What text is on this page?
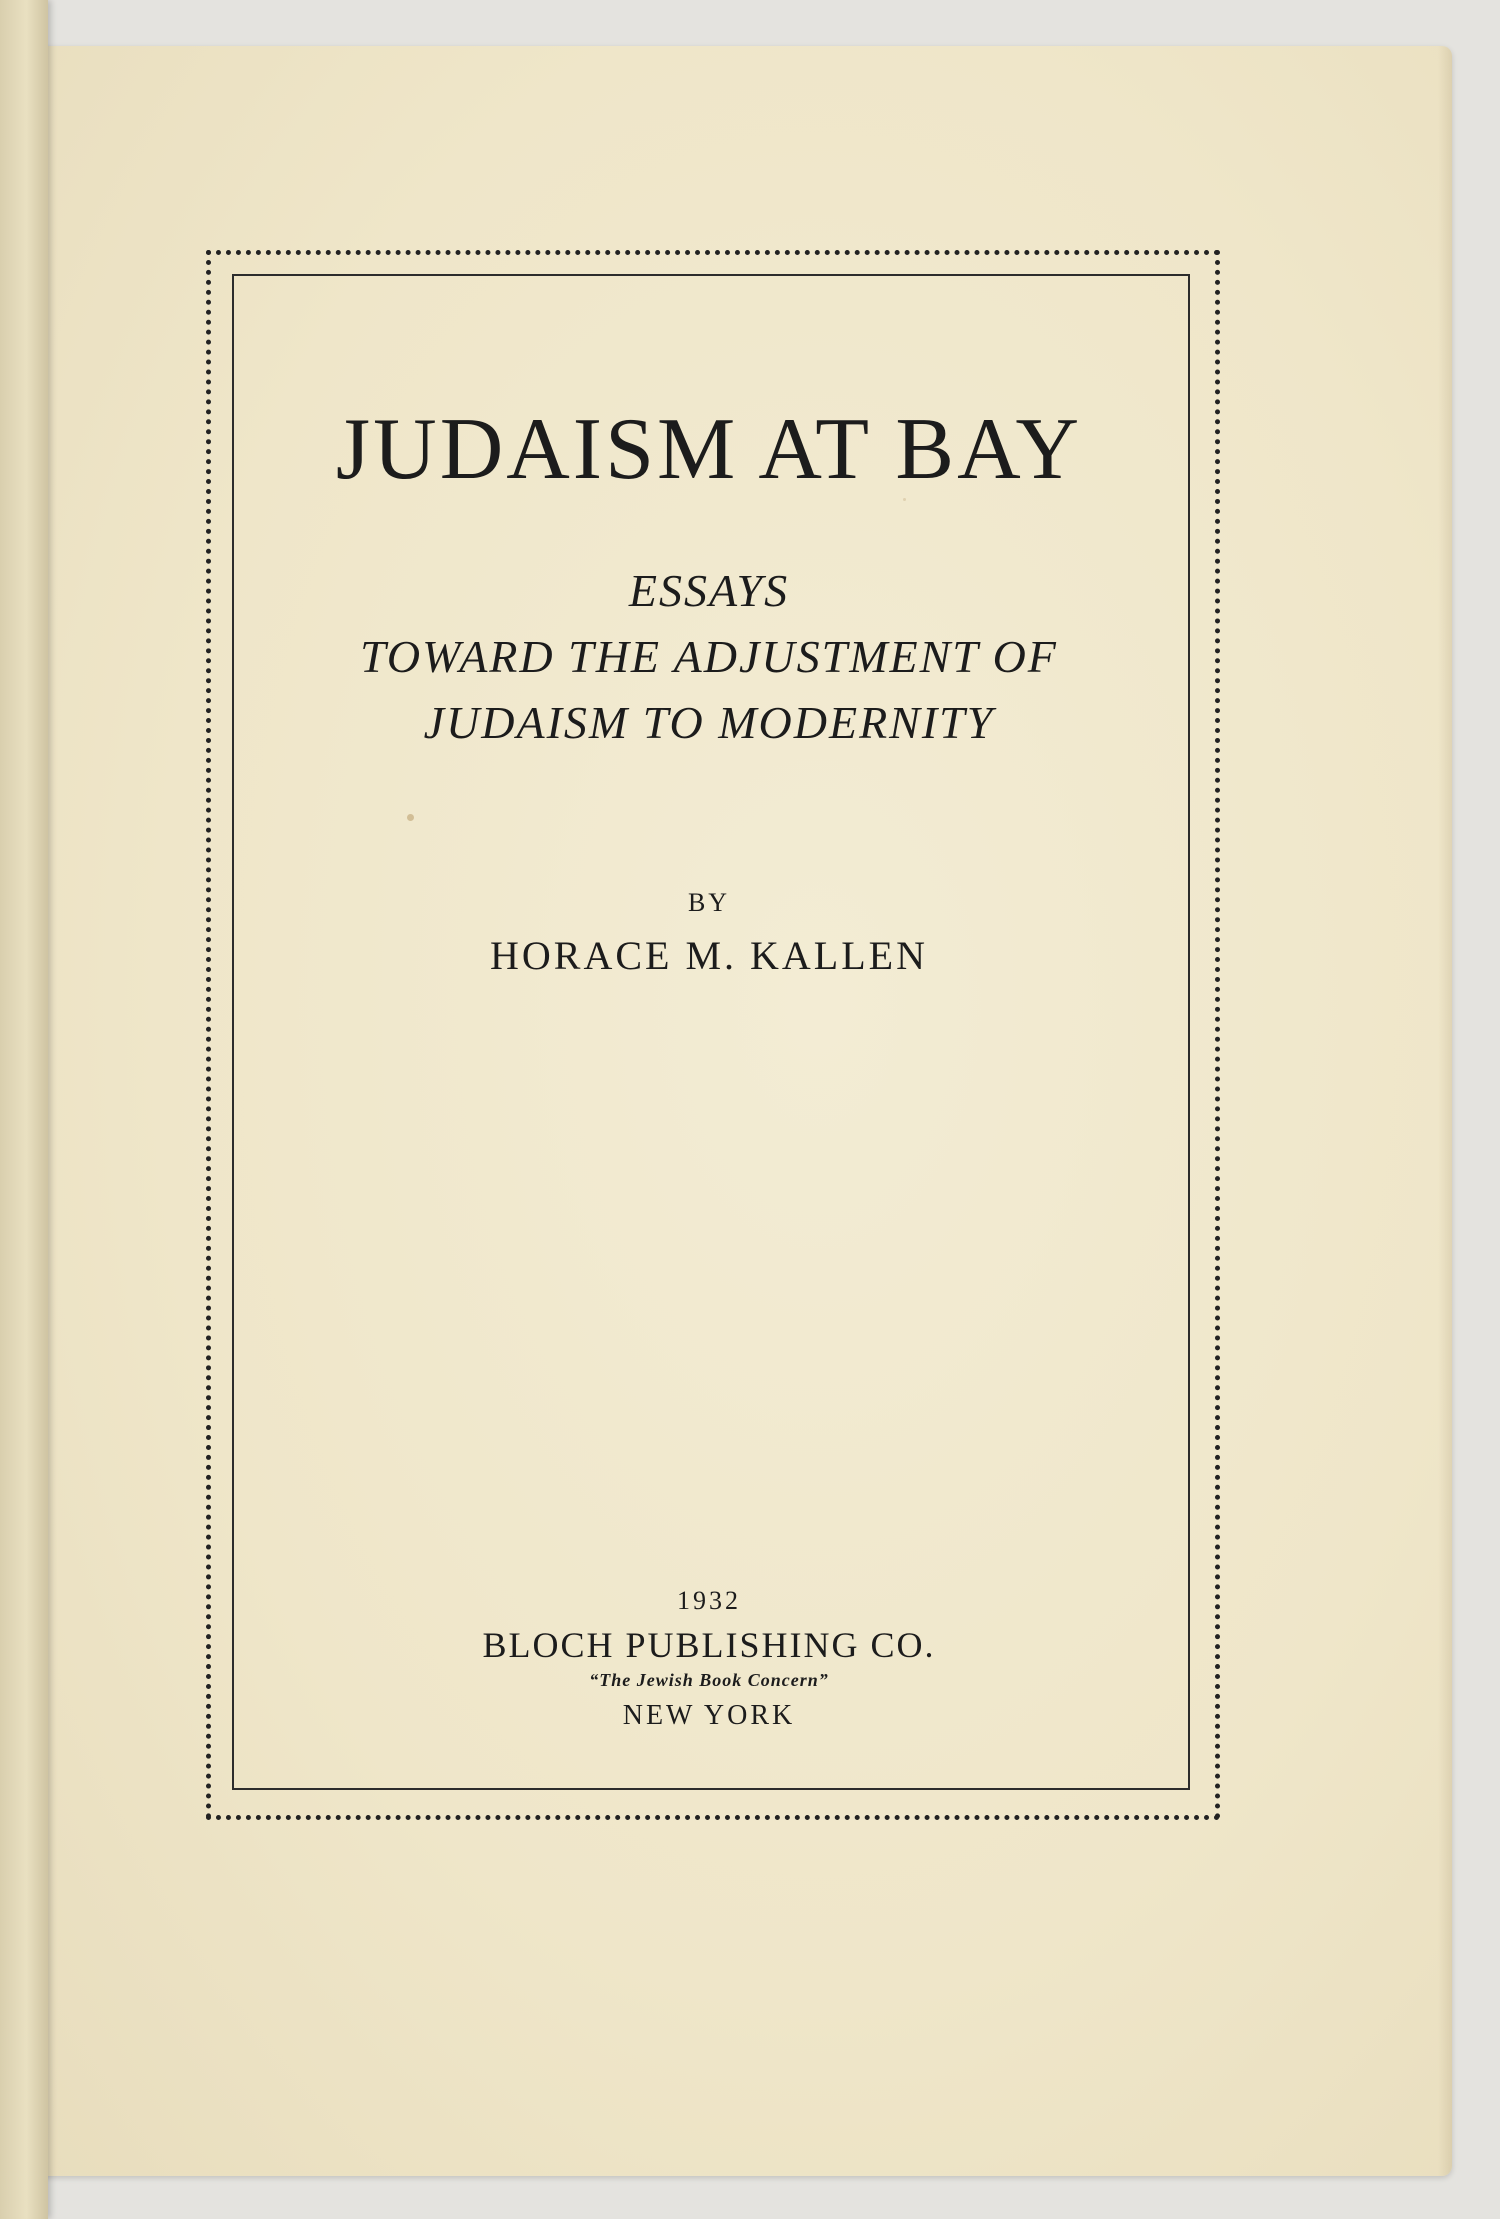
JUDAISM AT BAY
ESSAYS
TOWARD THE ADJUSTMENT OF
JUDAISM TO MODERNITY
BY
HORACE M. KALLEN
1932
BLOCH PUBLISHING CO.
“The Jewish Book Concern”
NEW YORK
